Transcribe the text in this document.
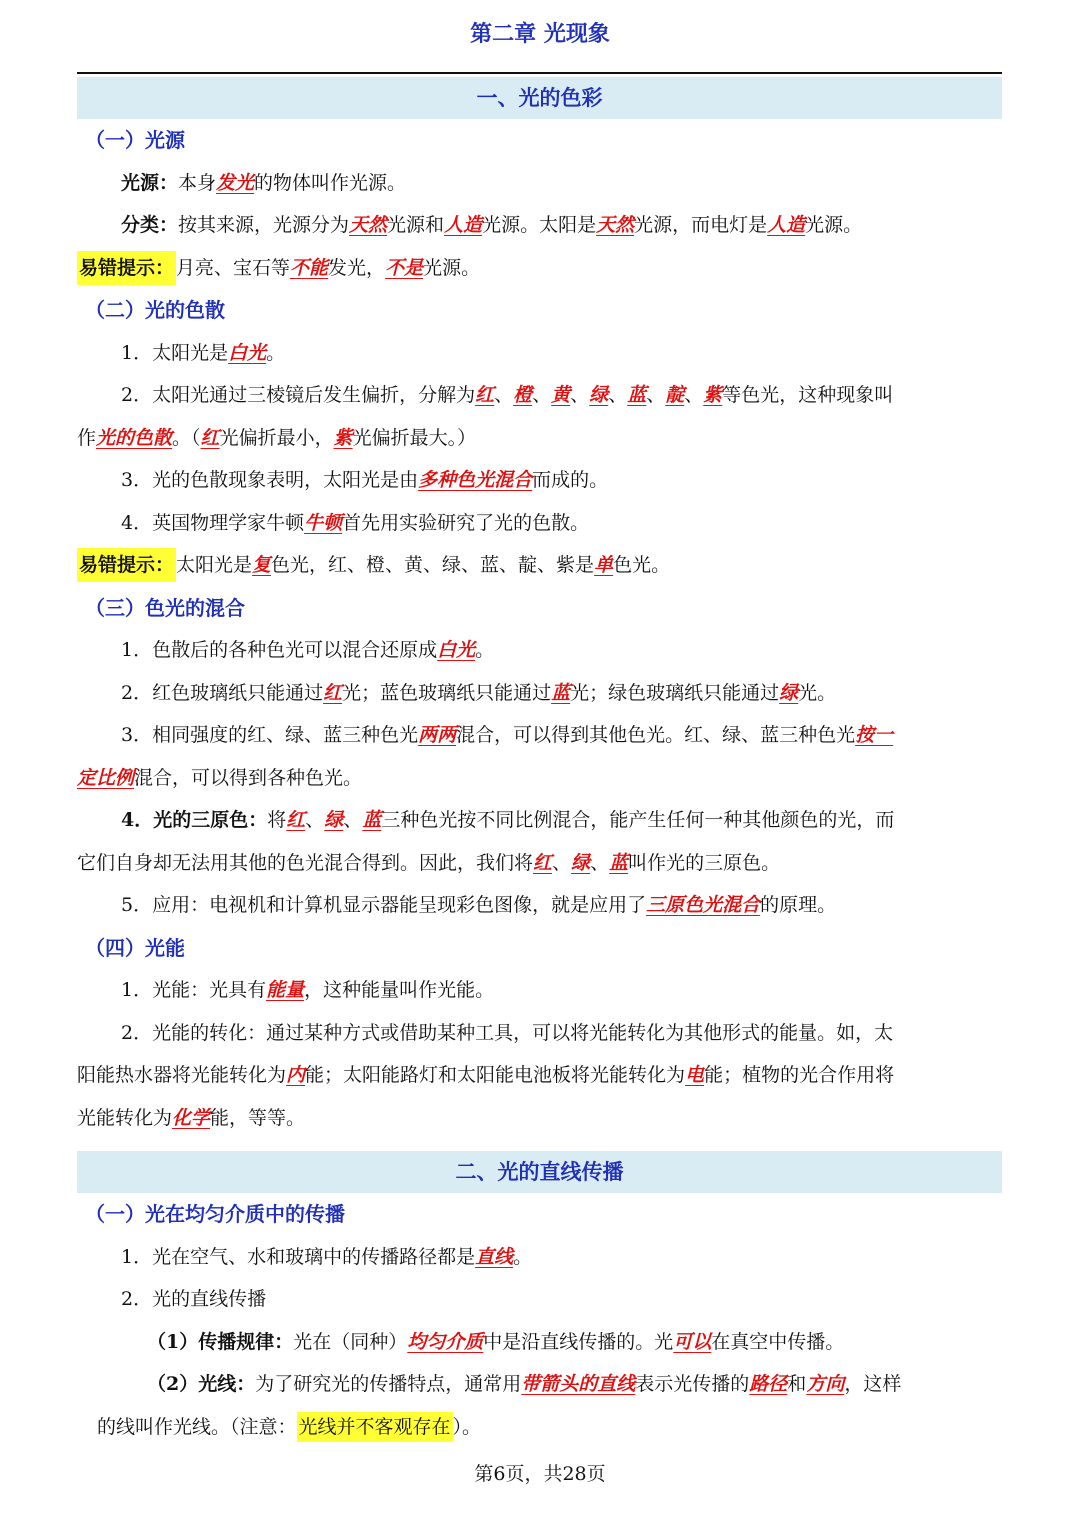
第二章 光现象
一、光的色彩
（一）光源

光源：本身发光的物体叫作光源。

分类：按其来源，光源分为天然光源和人造光源。太阳是天然光源，而电灯是人造光源。

易错提示： 月亮、宝石等不能发光，不是光源。

（二）光的色散

1．太阳光是白光。

2．太阳光通过三棱镜后发生偏折，分解为红、橙、黄、绿、蓝、靛、紫等色光，这种现象叫

作光的色散。（红光偏折最小，紫光偏折最大。）

3．光的色散现象表明，太阳光是由多种色光混合而成的。

4．英国物理学家牛顿牛顿首先用实验研究了光的色散。

易错提示： 太阳光是复色光，红、橙、黄、绿、蓝、靛、紫是单色光。

（三）色光的混合

1．色散后的各种色光可以混合还原成白光。

2．红色玻璃纸只能通过红光；蓝色玻璃纸只能通过蓝光；绿色玻璃纸只能通过绿光。

3．相同强度的红、绿、蓝三种色光两两混合，可以得到其他色光。红、绿、蓝三种色光按一

定比例混合，可以得到各种色光。

4．光的三原色：将红、绿、蓝三种色光按不同比例混合，能产生任何一种其他颜色的光，而

它们自身却无法用其他的色光混合得到。因此，我们将红、绿、蓝叫作光的三原色。

5．应用：电视机和计算机显示器能呈现彩色图像，就是应用了三原色光混合的原理。

（四）光能

1．光能：光具有能量，这种能量叫作光能。

2．光能的转化：通过某种方式或借助某种工具，可以将光能转化为其他形式的能量。如，太

阳能热水器将光能转化为内能；太阳能路灯和太阳能电池板将光能转化为电能；植物的光合作用将

光能转化为化学能，等等。

二、光的直线传播
（一）光在均匀介质中的传播

1．光在空气、水和玻璃中的传播路径都是直线。

2．光的直线传播

（1）传播规律：光在（同种）均匀介质中是沿直线传播的。光可以在真空中传播。

（2）光线：为了研究光的传播特点，通常用带箭头的直线表示光传播的路径和方向，这样

的线叫作光线。（注意： 光线并不客观存在 ）。

第6页，共28页
